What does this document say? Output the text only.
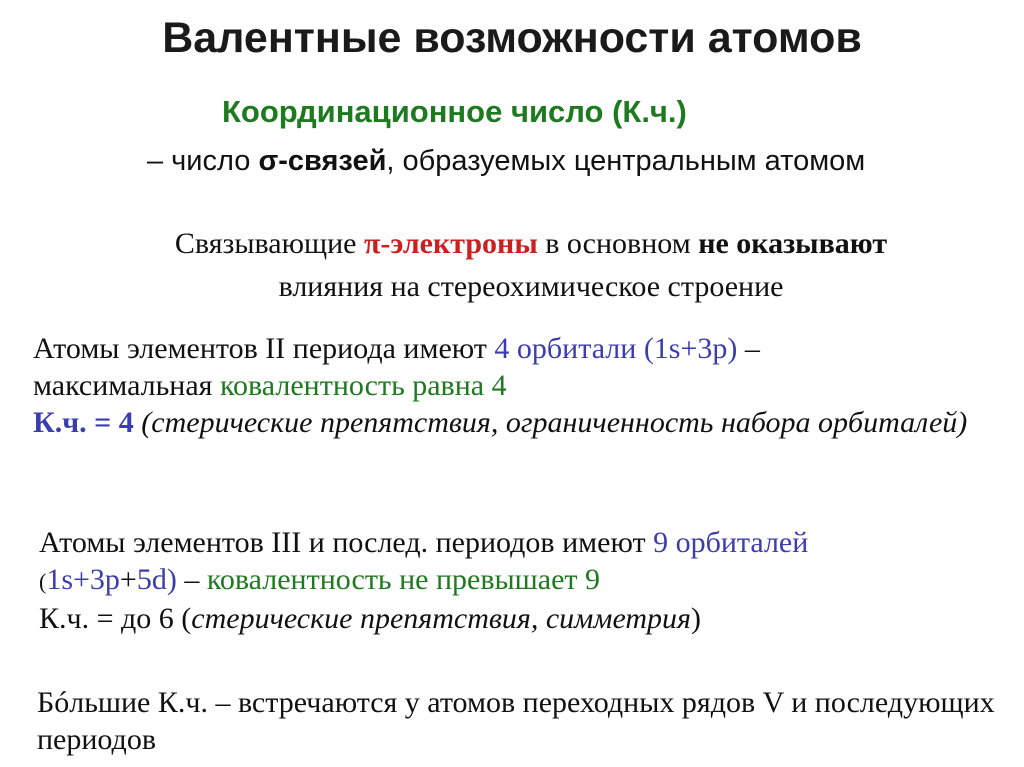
Валентные возможности атомов
Координационное число (К.ч.)
– число σ-связей, образуемых центральным атомом
Связывающие π-электроны в основном не оказывают
влияния на стереохимическое строение
Атомы элементов II периода имеют 4 орбитали (1s+3p) –
максимальная ковалентность равна 4
К.ч. = 4 (стерические препятствия, ограниченность набора орбиталей)
Атомы элементов III и послед. периодов имеют 9 орбиталей
(1s+3p+5d) – ковалентность не превышает 9
К.ч. = до 6 (стерические препятствия, симметрия)
Бóльшие К.ч. – встречаются у атомов переходных рядов V и последующих периодов
